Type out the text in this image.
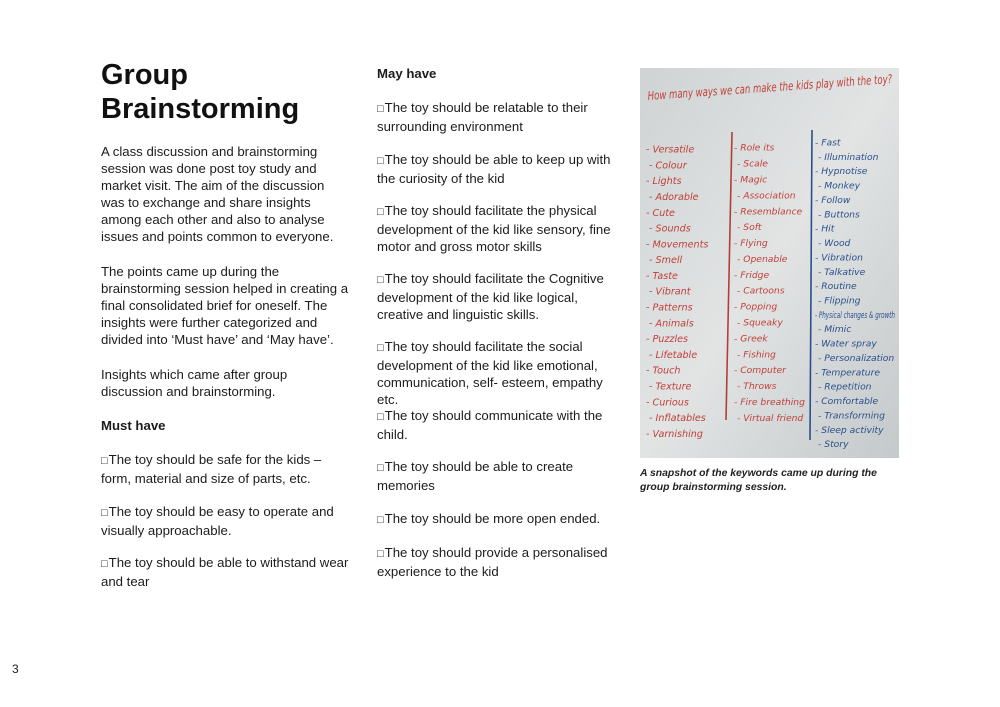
Group Brainstorming
A class discussion and brainstorming session was done post toy study and market visit. The aim of the discussion was to exchange and share insights among each other and also to analyse issues and points common to everyone.
The points came up during the brainstorming session helped in creating a final consolidated brief for oneself. The insights were further categorized and divided into ‘Must have’ and ‘May have’.
Insights which came after group discussion and brainstorming.
Must have
□The toy should be safe for the kids – form, material and size of parts, etc.
□The toy should be easy to operate and visually approachable.
□The toy should be able to withstand wear and tear
May have
□The toy should be relatable to their surrounding environment
□The toy should be able to keep up with the curiosity of the kid
□The toy should facilitate the physical development of the kid like sensory, fine motor and gross motor skills
□The toy should facilitate the Cognitive development of the kid like logical, creative and linguistic skills.
□The toy should facilitate the social development of the kid like emotional, communication, self- esteem, empathy etc.
□The toy should communicate with the child.
□The toy should be able to create memories
□The toy should be more open ended.
□The toy should provide a personalised experience to the kid
How many ways we can make the kids play with the toy?
- Versatile
- Colour
- Lights
- Adorable
- Cute
- Sounds
- Movements
- Smell
- Taste
- Vibrant
- Patterns
- Animals
- Puzzles
- Lifetable
- Touch
- Texture
- Curious
- Inflatables
- Varnishing
- Role its
- Scale
- Magic
- Association
- Resemblance
- Soft
- Flying
- Openable
- Fridge
- Cartoons
- Popping
- Squeaky
- Greek
- Fishing
- Computer
- Throws
- Fire breathing
- Virtual friend
- Fast
- Illumination
- Hypnotise
- Monkey
- Follow
- Buttons
- Hit
- Wood
- Vibration
- Talkative
- Routine
- Flipping
- Physical changes & growth
- Mimic
- Water spray
- Personalization
- Temperature
- Repetition
- Comfortable
- Transforming
- Sleep activity
- Story
A snapshot of the keywords came up during the group brainstorming session.
3
